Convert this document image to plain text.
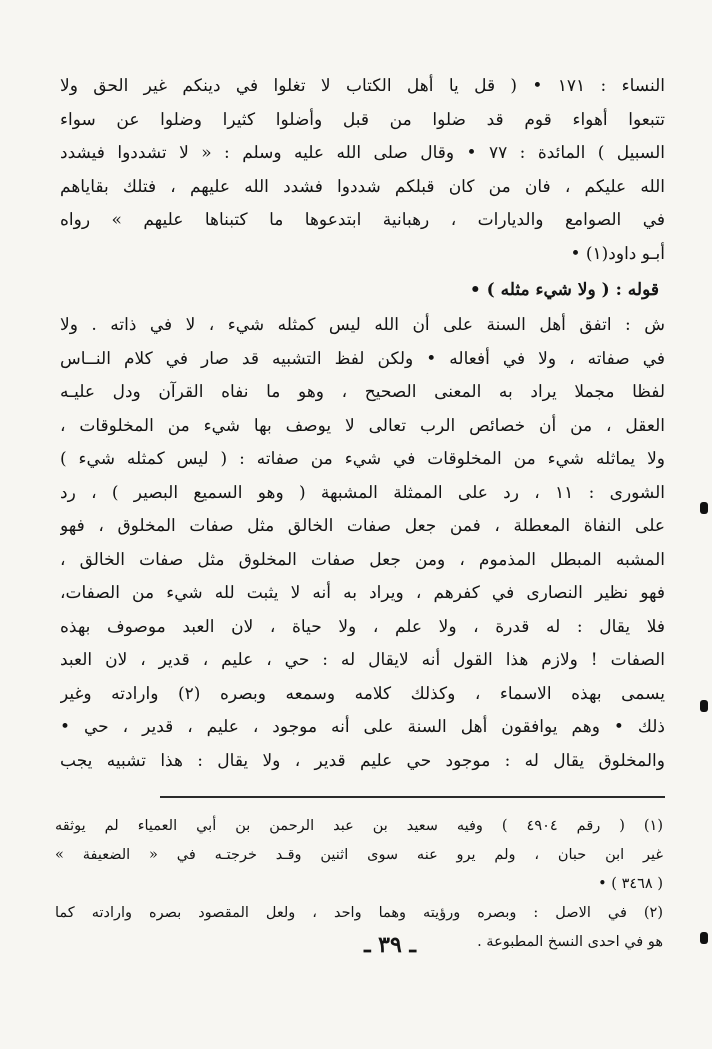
النساء : ١٧١ • ( قل يا أهل الكتاب لا تغلوا في دينكم غير الحق ولا
تتبعوا أهواء قوم قد ضلوا من قبل وأضلوا كثيرا وضلوا عن سواء
السبيل ) المائدة : ٧٧ • وقال صلى الله عليه وسلم : « لا تشددوا فيشدد
الله عليكم ، فان من كان قبلكم شددوا فشدد الله عليهم ، فتلك بقاياهم
في الصوامع والديارات ، رهبانية ابتدعوها ما كتبناها عليهم » رواه
أبـو داود(١) •
قوله : ( ولا شيء مثله ) •
ش : اتفق أهل السنة على أن الله ليس كمثله شيء ، لا في ذاته . ولا
في صفاته ، ولا في أفعاله • ولكن لفظ التشبيه قد صار في كلام النــاس
لفظا مجملا يراد به المعنى الصحيح ، وهو ما نفاه القرآن ودل عليـه
العقل ، من أن خصائص الرب تعالى لا يوصف بها شيء من المخلوقات ،
ولا يماثله شيء من المخلوقات في شيء من صفاته : ( ليس كمثله شيء )
الشورى : ١١ ، رد على الممثلة المشبهة ( وهو السميع البصير ) ، رد
على النفاة المعطلة ، فمن جعل صفات الخالق مثل صفات المخلوق ، فهو
المشبه المبطل المذموم ، ومن جعل صفات المخلوق مثل صفات الخالق ،
فهو نظير النصارى في كفرهم ، ويراد به أنه لا يثبت لله شيء من الصفات،
فلا يقال : له قدرة ، ولا علم ، ولا حياة ، لان العبد موصوف بهذه
الصفات ! ولازم هذا القول أنه لايقال له : حي ، عليم ، قدير ، لان العبد
يسمى بهذه الاسماء ، وكذلك كلامه وسمعه وبصره (٢) وارادته وغير
ذلك • وهم يوافقون أهل السنة على أنه موجود ، عليم ، قدير ، حي •
والمخلوق يقال له : موجود حي عليم قدير ، ولا يقال : هذا تشبيه يجب
(١) ( رقم ٤٩٠٤ ) وفيه سعيد بن عبد الرحمن بن أبي العمياء لم يوثقه
غير ابن حبان ، ولم يرو عنه سوى اثنين وقـد خرجتـه في « الضعيفة »
( ٣٤٦٨ ) •
(٢) في الاصل : وبصره ورؤيته وهما واحد ، ولعل المقصود بصره وارادته كما
هو في احدى النسخ المطبوعة .
ـ ٣٩ ـ
